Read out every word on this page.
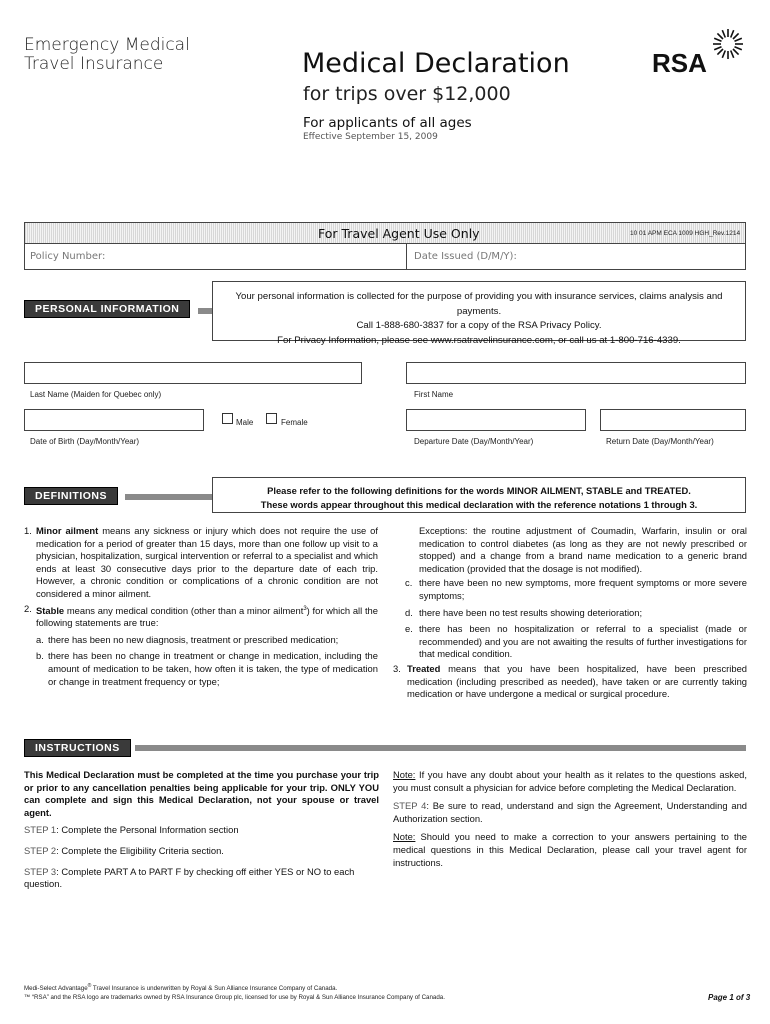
Emergency Medical
Travel Insurance	Medical Declaration
for trips over $12,000
For applicants of all ages
Effective September 15, 2009
RSA
For Travel Agent Use Only	10 01 APM ECA 1009 HGH_Rev.1214
Policy Number:	Date Issued (D/M/Y):
PERSONAL INFORMATION
Your personal information is collected for the purpose of providing you with insurance services, claims analysis and payments.
Call 1-888-680-3837 for a copy of the RSA Privacy Policy.
For Privacy Information, please see www.rsatravelinsurance.com, or call us at 1-800-716-4339.
Last Name (Maiden for Quebec only)	First Name
Male	Female
Date of Birth (Day/Month/Year)	Departure Date (Day/Month/Year)	Return Date (Day/Month/Year)
DEFINITIONS	Please refer to the following definitions for the words MINOR AILMENT, STABLE and TREATED.
These words appear throughout this medical declaration with the reference notations 1 through 3.
1. Minor ailment means any sickness or injury which does not require the use of medication for a period of greater than 15 days, more than one follow up visit to a physician, hospitalization, surgical intervention or referral to a specialist and which ends at least 30 consecutive days prior to the departure date of each trip. However, a chronic condition or complications of a chronic condition are not considered a minor ailment.
2. Stable means any medical condition (other than a minor ailment$^3$) for which all the following statements are true:
a. there has been no new diagnosis, treatment or prescribed medication;
b. there has been no change in treatment or change in medication, including the amount of medication to be taken, how often it is taken, the type of medication or change in treatment frequency or type;
Exceptions: the routine adjustment of Coumadin, Warfarin, insulin or oral medication to control diabetes (as long as they are not newly prescribed or stopped) and a change from a brand name medication to a generic brand medication (provided that the dosage is not modified).
c. there have been no new symptoms, more frequent symptoms or more severe symptoms;
d. there have been no test results showing deterioration;
e. there has been no hospitalization or referral to a specialist (made or recommended) and you are not awaiting the results of further investigations for that medical condition.
3. Treated means that you have been hospitalized, have been prescribed medication (including prescribed as needed), have taken or are currently taking medication or have undergone a medical or surgical procedure.
INSTRUCTIONS
This Medical Declaration must be completed at the time you purchase your trip or prior to any cancellation penalties being applicable for your trip. ONLY YOU can complete and sign this Medical Declaration, not your spouse or travel agent.
STEP 1: Complete the Personal Information section
STEP 2: Complete the Eligibility Criteria section.
STEP 3: Complete PART A to PART F by checking off either YES or NO to each question.
Note: If you have any doubt about your health as it relates to the questions asked, you must consult a physician for advice before completing the Medical Declaration.
STEP 4: Be sure to read, understand and sign the Agreement, Understanding and Authorization section.
Note: Should you need to make a correction to your answers pertaining to the medical questions in this Medical Declaration, please call your travel agent for instructions.
Medi-Select Advantage® Travel Insurance is underwritten by Royal & Sun Alliance Insurance Company of Canada.
™ “RSA” and the RSA logo are trademarks owned by RSA Insurance Group plc, licensed for use by Royal & Sun Alliance Insurance Company of Canada.	Page 1 of 3
